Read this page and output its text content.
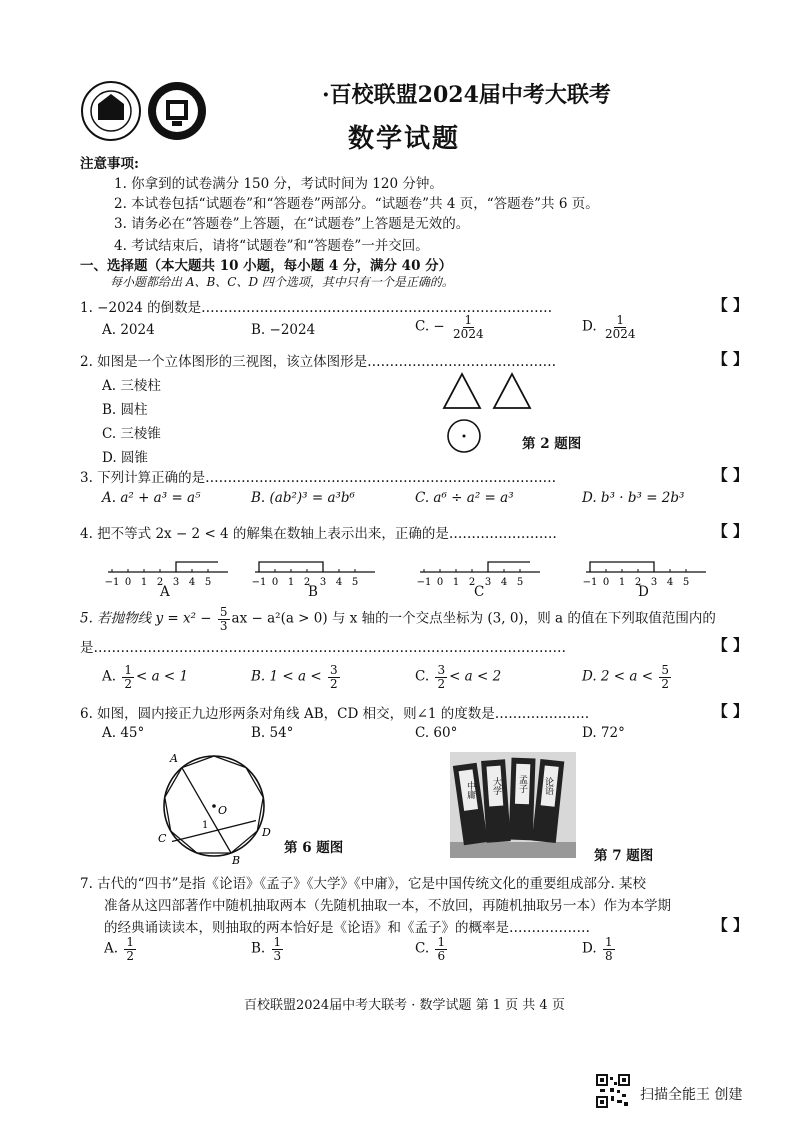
·百校联盟2024届中考大联考
数学试题
注意事项:
1. 你拿到的试卷满分 150 分，考试时间为 120 分钟。
2. 本试卷包括“试题卷”和“答题卷”两部分。“试题卷”共 4 页，“答题卷”共 6 页。
3. 请务必在“答题卷”上答题，在“试题卷”上答题是无效的。
4. 考试结束后，请将“试题卷”和“答题卷”一并交回。
一、选择题（本大题共 10 小题，每小题 4 分，满分 40 分）
每小题都给出 A、B、C、D 四个选项，其中只有一个是正确的。
1. −2024 的倒数是……………………………………………………………………	【 】
A. 2024	B. −2024	C. − $\frac{1}{2024}$	D. $\frac{1}{2024}$
2. 如图是一个立体图形的三视图，该立体图形是……………………………………	【 】
A. 三棱柱
B. 圆柱
C. 三棱锥
D. 圆锥
第 2 题图
3. 下列计算正确的是……………………………………………………………………	【 】
A. a² + a³ = a⁵	B. (ab²)³ = a³b⁶	C. a⁶ ÷ a² = a³	D. b³ · b³ = 2b³
4. 把不等式 2x − 2 < 4 的解集在数轴上表示出来，正确的是……………………	【 】
−1 0 1 2 3 4 5	−1 0 1 2 3 4 5	−1 0 1 2 3 4 5	−1 0 1 2 3 4 5
A	B	C	D
5. 若抛物线 $y = x^2 - \frac{5}{3}$ ax − a²(a > 0) 与 x 轴的一个交点坐标为 (3, 0)，则 a 的值在下列取值范围内的
是……………………………………………………………………………………………	【 】
A. $\frac{1}{2} < a < 1$	B. $1 < a < \frac{3}{2}$	C. $\frac{3}{2} < a < 2$	D. $2 < a < \frac{5}{2}$
6. 如图，圆内接正九边形两条对角线 AB，CD 相交，则∠1 的度数是…………………	【 】
A. 45°	B. 54°	C. 60°	D. 72°
A
C	D
B
O
1
第 6 题图
中庸 大学 孟子 论语
第 7 题图
7. 古代的“四书”是指《论语》《孟子》《大学》《中庸》，它是中国传统文化的重要组成部分. 某校
准备从这四部著作中随机抽取两本（先随机抽取一本，不放回，再随机抽取另一本）作为本学期
的经典诵读读本，则抽取的两本恰好是《论语》和《孟子》的概率是………………	【 】
A. $\frac{1}{2}$	B. $\frac{1}{3}$	C. $\frac{1}{6}$	D. $\frac{1}{8}$
百校联盟2024届中考大联考 · 数学试题 第 1 页 共 4 页
扫描全能王 创建
